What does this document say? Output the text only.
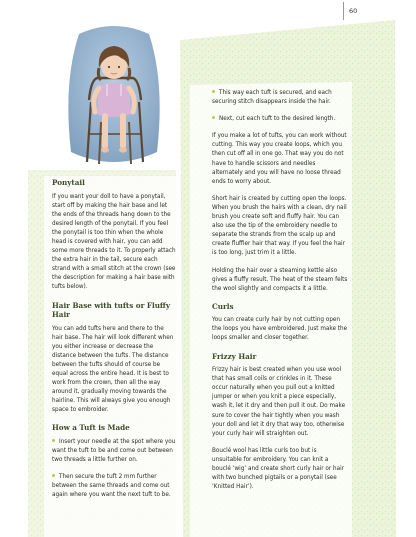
60
Ponytail

If you want your doll to have a ponytail, start off by making the hair base and let the ends of the threads hang down to the desired length of the ponytail. If you feel the ponytail is too thin when the whole head is covered with hair, you can add some more threads to it. To properly attach the extra hair in the tail, secure each strand with a small stitch at the crown (see the description for making a hair base with tufts below).

Hair Base with tufts or Fluffy Hair

You can add tufts here and there to the hair base. The hair will look different when you either increase or decrease the distance between the tufts. The distance between the tufts should of course be equal across the entire head. It is best to work from the crown, then all the way around it, gradually moving towards the hairline. This will always give you enough space to embroider.

How a Tuft is Made

Insert your needle at the spot where you want the tuft to be and come out between two threads a little further on.

Then secure the tuft 2 mm further between the same threads and come out again where you want the next tuft to be.

This way each tuft is secured, and each securing stitch disappears inside the hair.

Next, cut each tuft to the desired length.

If you make a lot of tufts, you can work without cutting. This way you create loops, which you then cut off all in one go. That way you do not have to handle scissors and needles alternately and you will have no loose thread ends to worry about.

Short hair is created by cutting open the loops. When you brush the hairs with a clean, dry nail brush you create soft and fluffy hair. You can also use the tip of the embroidery needle to separate the strands from the scalp up and create fluffier hair that way. If you feel the hair is too long, just trim it a little.

Holding the hair over a steaming kettle also gives a fluffy result. The heat of the steam felts the wool slightly and compacts it a little.

Curls

You can create curly hair by not cutting open the loops you have embroidered. Just make the loops smaller and closer together.

Frizzy Hair

Frizzy hair is best created when you use wool that has small coils or crinkles in it. These occur naturally when you pull out a knitted jumper or when you knit a piece especially, wash it, let it dry and then pull it out. Do make sure to cover the hair tightly when you wash your doll and let it dry that way too, otherwise your curly hair will straighten out.

Bouclé wool has little curls too but is unsuitable for embroidery. You can knit a bouclé ‘wig’ and create short curly hair or hair with two bunched pigtails or a ponytail (see ‘Knitted Hair’).
